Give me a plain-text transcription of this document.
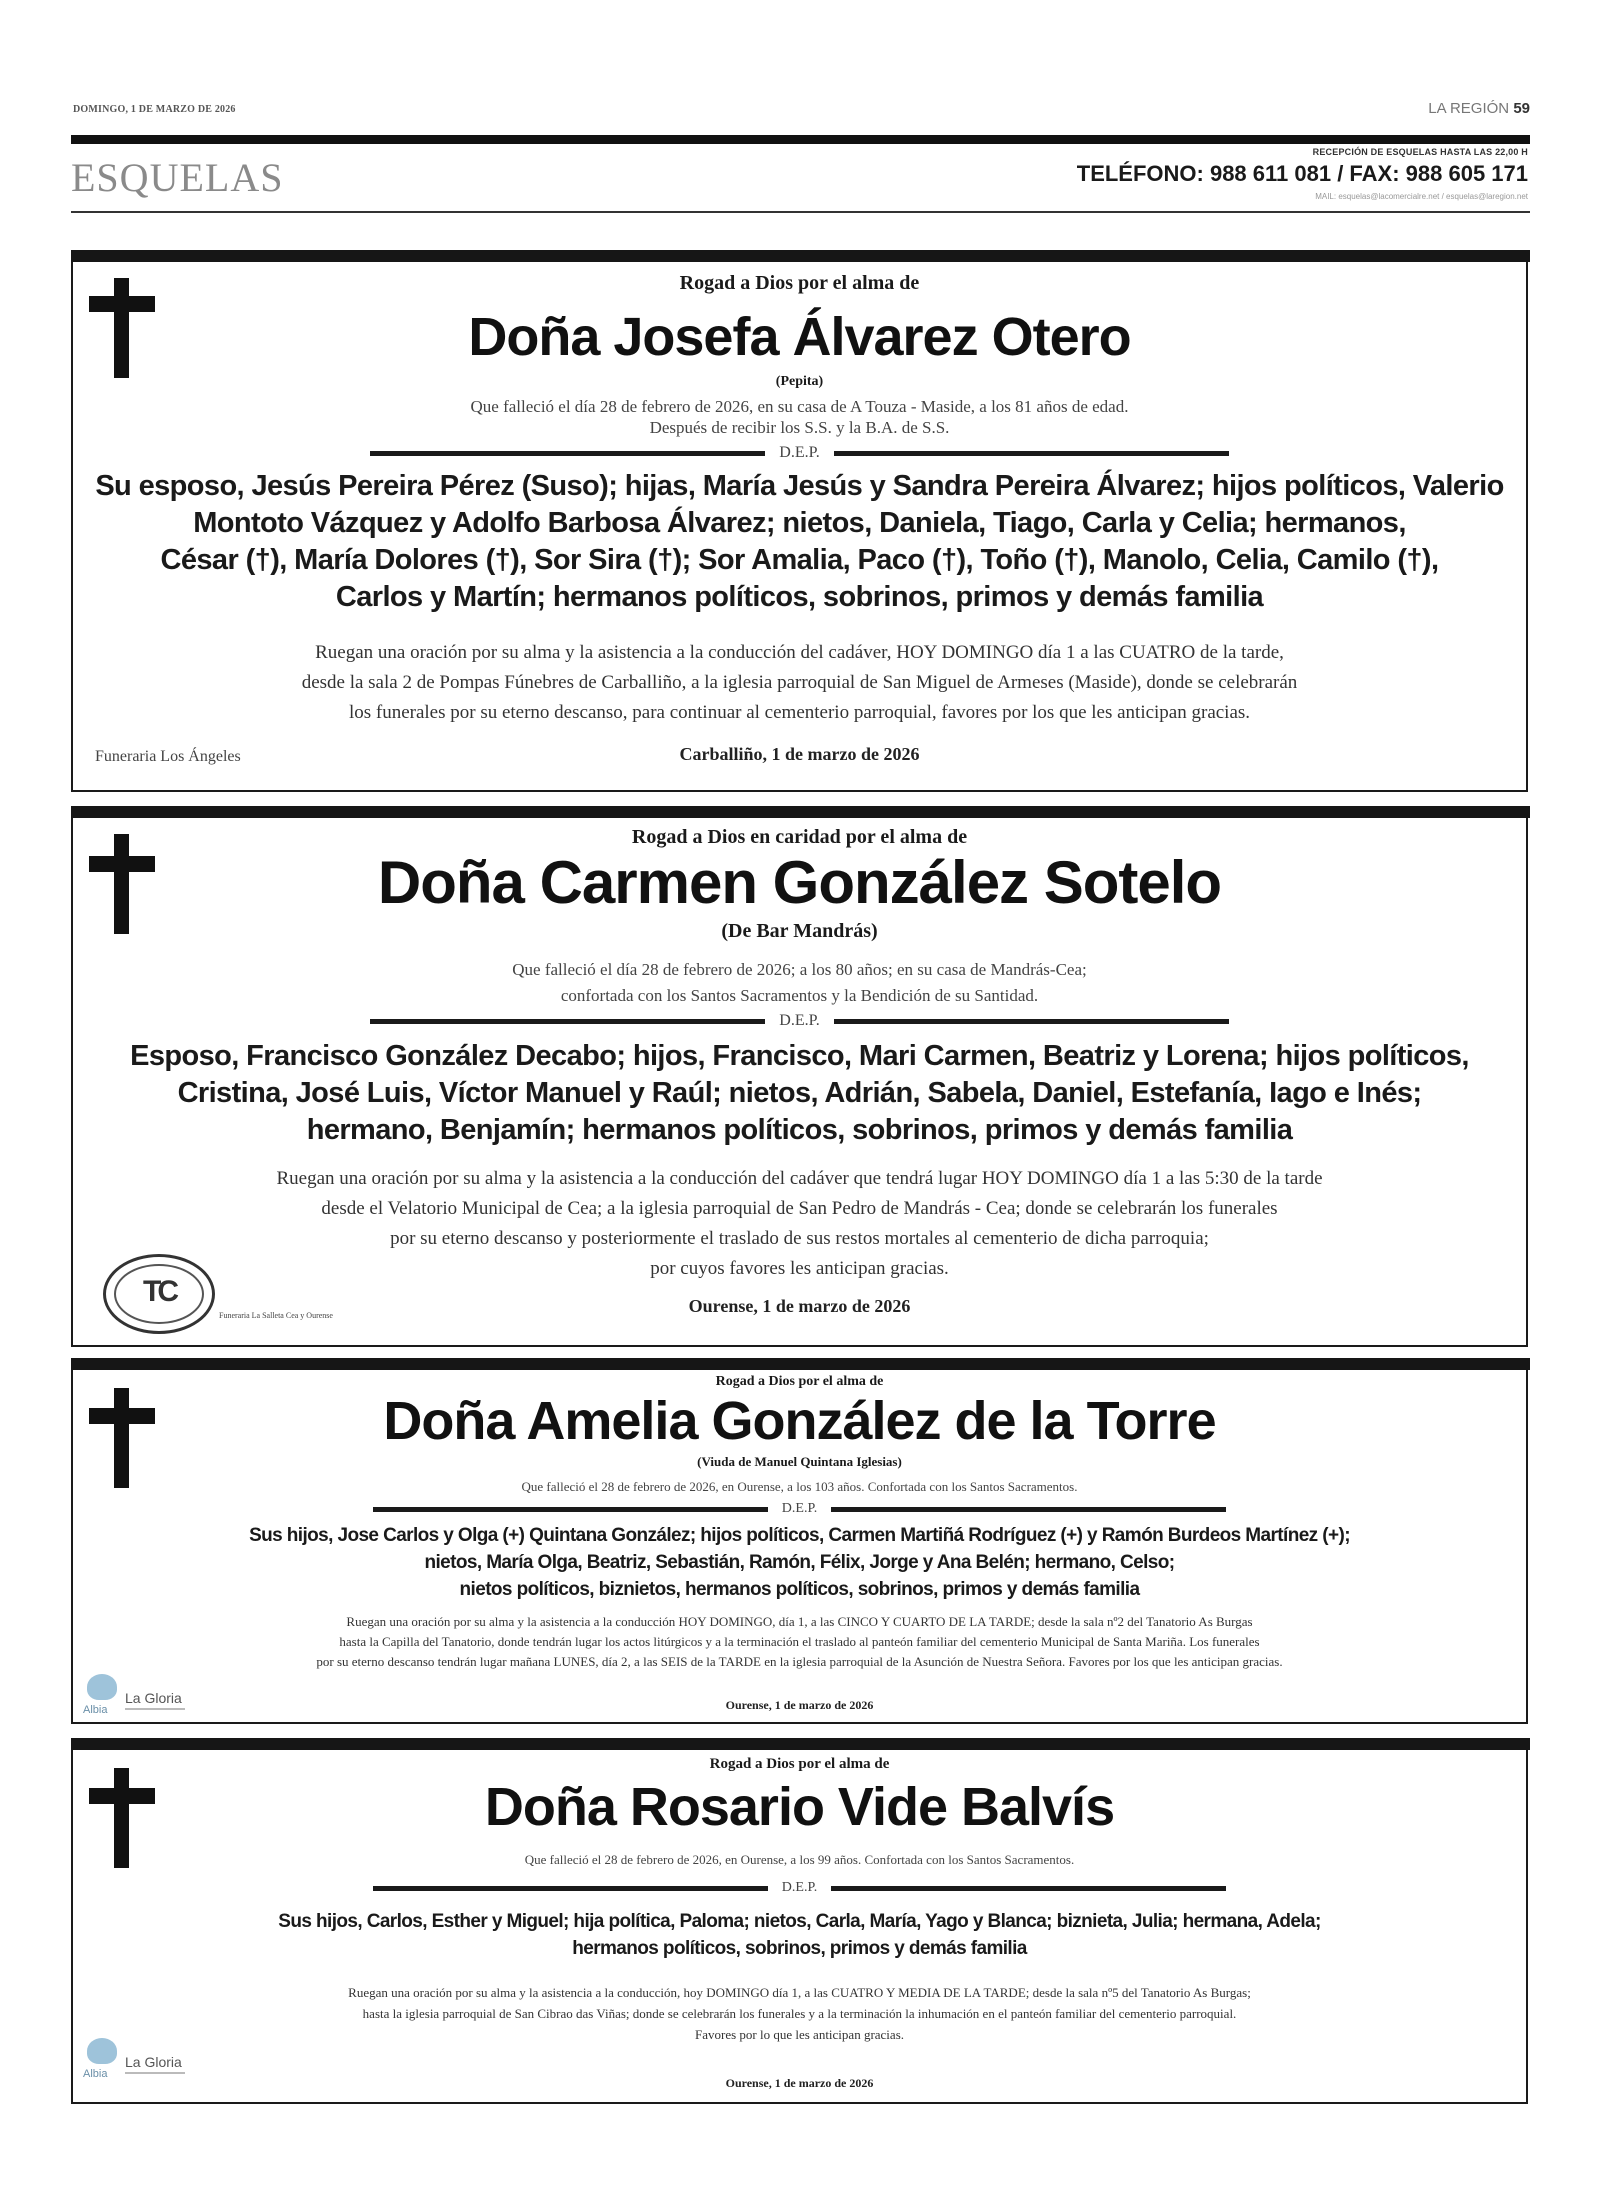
DOMINGO, 1 DE MARZO DE 2026	LA REGIÓN 59
ESQUELAS
RECEPCIÓN DE ESQUELAS HASTA LAS 22,00 H
TELÉFONO: 988 611 081 / FAX: 988 605 171
MAIL: esquelas@lacomercialre.net / esquelas@laregion.net
Rogad a Dios por el alma de
Doña Josefa Álvarez Otero
(Pepita)
Que falleció el día 28 de febrero de 2026, en su casa de A Touza - Maside, a los 81 años de edad.
Después de recibir los S.S. y la B.A. de S.S.
D.E.P.
Su esposo, Jesús Pereira Pérez (Suso); hijas, María Jesús y Sandra Pereira Álvarez; hijos políticos, Valerio
Montoto Vázquez y Adolfo Barbosa Álvarez; nietos, Daniela, Tiago, Carla y Celia; hermanos,
César (†), María Dolores (†), Sor Sira (†); Sor Amalia, Paco (†), Toño (†), Manolo, Celia, Camilo (†),
Carlos y Martín; hermanos políticos, sobrinos, primos y demás familia
Ruegan una oración por su alma y la asistencia a la conducción del cadáver, HOY DOMINGO día 1 a las CUATRO de la tarde,
desde la sala 2 de Pompas Fúnebres de Carballiño, a la iglesia parroquial de San Miguel de Armeses (Maside), donde se celebrarán
los funerales por su eterno descanso, para continuar al cementerio parroquial, favores por los que les anticipan gracias.
Carballiño, 1 de marzo de 2026
Funeraria Los Ángeles
Rogad a Dios en caridad por el alma de
Doña Carmen González Sotelo
(De Bar Mandrás)
Que falleció el día 28 de febrero de 2026; a los 80 años; en su casa de Mandrás-Cea;
confortada con los Santos Sacramentos y la Bendición de su Santidad.
D.E.P.
Esposo, Francisco González Decabo; hijos, Francisco, Mari Carmen, Beatriz y Lorena; hijos políticos,
Cristina, José Luis, Víctor Manuel y Raúl; nietos, Adrián, Sabela, Daniel, Estefanía, Iago e Inés;
hermano, Benjamín; hermanos políticos, sobrinos, primos y demás familia
Ruegan una oración por su alma y la asistencia a la conducción del cadáver que tendrá lugar HOY DOMINGO día 1 a las 5:30 de la tarde
desde el Velatorio Municipal de Cea; a la iglesia parroquial de San Pedro de Mandrás - Cea; donde se celebrarán los funerales
por su eterno descanso y posteriormente el traslado de sus restos mortales al cementerio de dicha parroquia;
por cuyos favores les anticipan gracias.
Ourense, 1 de marzo de 2026
TC
Funeraria La Salleta Cea y Ourense
Rogad a Dios por el alma de
Doña Amelia González de la Torre
(Viuda de Manuel Quintana Iglesias)
Que falleció el 28 de febrero de 2026, en Ourense, a los 103 años. Confortada con los Santos Sacramentos.
D.E.P.
Sus hijos, Jose Carlos y Olga (+) Quintana González; hijos políticos, Carmen Martiñá Rodríguez (+) y Ramón Burdeos Martínez (+);
nietos, María Olga, Beatriz, Sebastián, Ramón, Félix, Jorge y Ana Belén; hermano, Celso;
nietos políticos, biznietos, hermanos políticos, sobrinos, primos y demás familia
Ruegan una oración por su alma y la asistencia a la conducción HOY DOMINGO, día 1, a las CINCO Y CUARTO DE LA TARDE; desde la sala nº2 del Tanatorio As Burgas
hasta la Capilla del Tanatorio, donde tendrán lugar los actos litúrgicos y a la terminación el traslado al panteón familiar del cementerio Municipal de Santa Mariña. Los funerales
por su eterno descanso tendrán lugar mañana LUNES, día 2, a las SEIS de la TARDE en la iglesia parroquial de la Asunción de Nuestra Señora. Favores por los que les anticipan gracias.
Ourense, 1 de marzo de 2026
Albia
La Gloria
Rogad a Dios por el alma de
Doña Rosario Vide Balvís
Que falleció el 28 de febrero de 2026, en Ourense, a los 99 años. Confortada con los Santos Sacramentos.
D.E.P.
Sus hijos, Carlos, Esther y Miguel; hija política, Paloma; nietos, Carla, María, Yago y Blanca; biznieta, Julia; hermana, Adela;
hermanos políticos, sobrinos, primos y demás familia
Ruegan una oración por su alma y la asistencia a la conducción, hoy DOMINGO día 1, a las CUATRO Y MEDIA DE LA TARDE; desde la sala nº5 del Tanatorio As Burgas;
hasta la iglesia parroquial de San Cibrao das Viñas; donde se celebrarán los funerales y a la terminación la inhumación en el panteón familiar del cementerio parroquial.
Favores por lo que les anticipan gracias.
Ourense, 1 de marzo de 2026
Albia
La Gloria
